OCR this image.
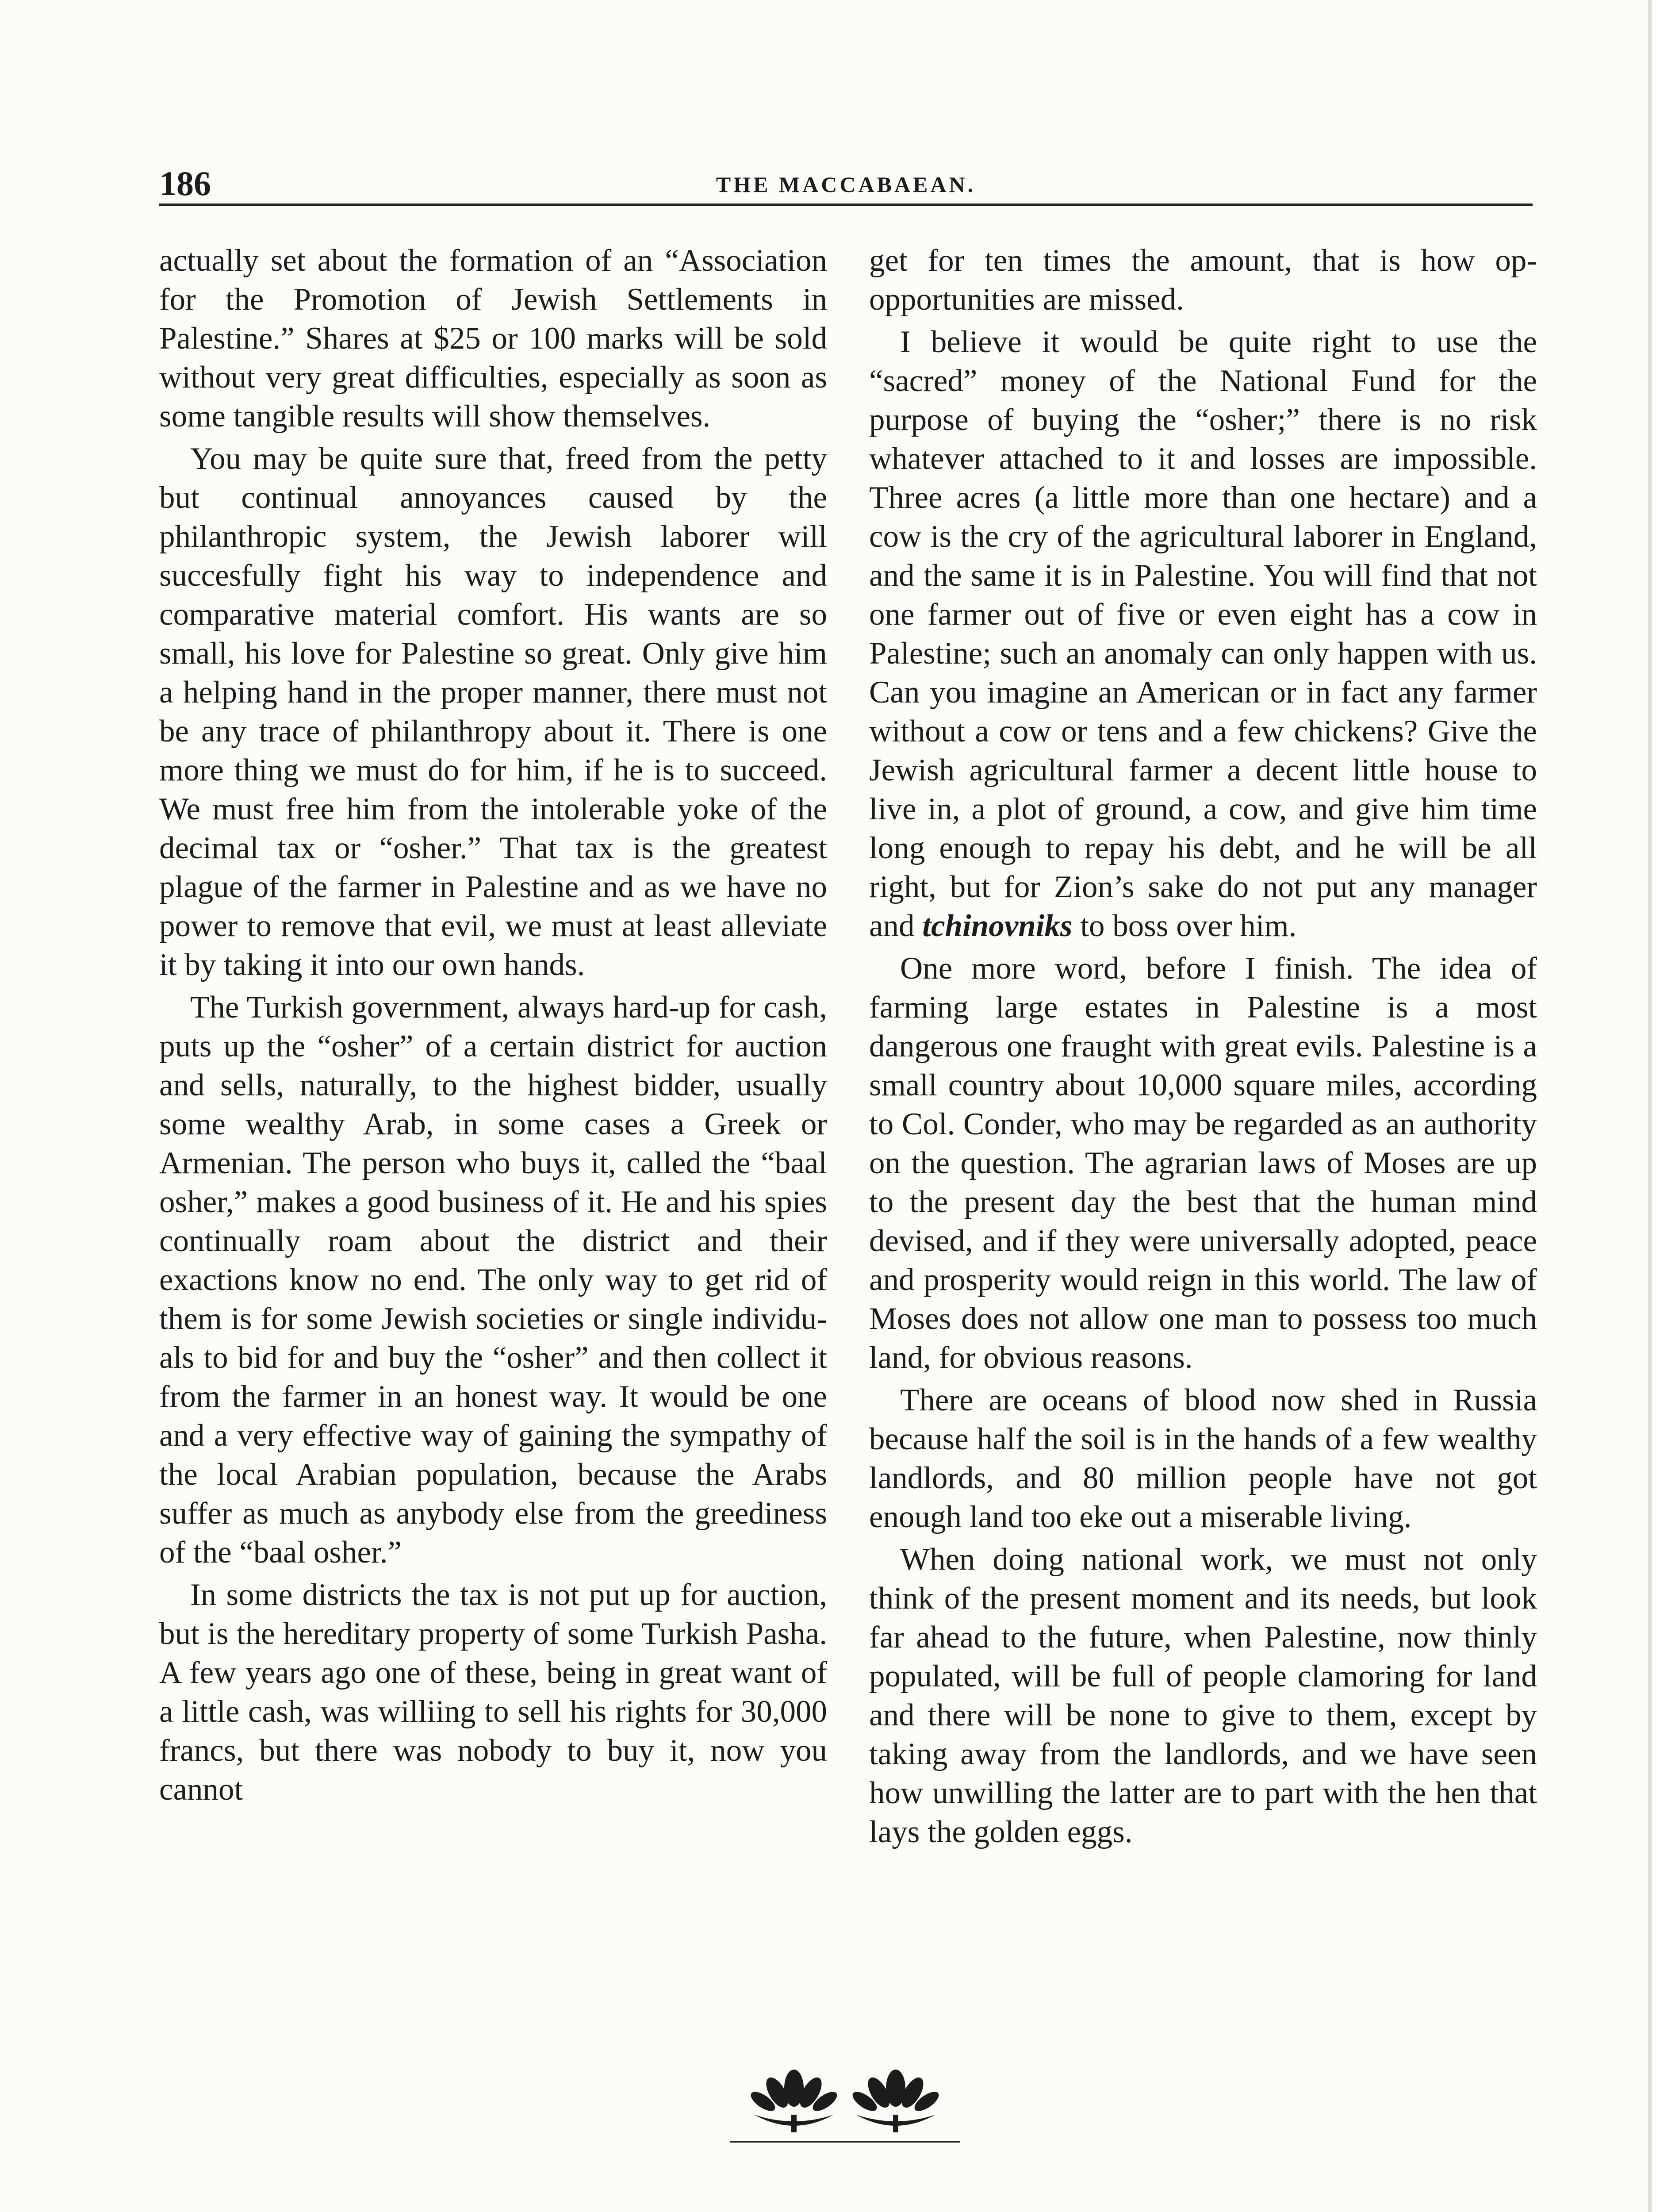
186	THE MACCABAEAN.

actually set about the formation of an “Association for the Promotion of Jewish Settlements in Palestine.” Shares at $25 or 100 marks will be sold without very great difficulties, especially as soon as some tangible results will show themselves.

You may be quite sure that, freed from the petty but continual annoyances caused by the philanthropic system, the Jewish laborer will succesfully fight his way to independence and comparative material comfort. His wants are so small, his love for Palestine so great. Only give him a helping hand in the proper manner, there must not be any trace of philanthropy about it. There is one more thing we must do for him, if he is to succeed. We must free him from the intolerable yoke of the decimal tax or “osher.” That tax is the greatest plague of the farmer in Palestine and as we have no power to remove that evil, we must at least alleviate it by taking it into our own hands.

The Turkish government, always hard-up for cash, puts up the “osher” of a certain district for auction and sells, naturally, to the highest bidder, usually some wealthy Arab, in some cases a Greek or Armenian. The person who buys it, called the “baal osher,” makes a good business of it. He and his spies continually roam about the district and their exactions know no end. The only way to get rid of them is for some Jewish societies or single individuals to bid for and buy the “osher” and then collect it from the farmer in an honest way. It would be one and a very effective way of gaining the sympathy of the local Arabian population, because the Arabs suffer as much as anybody else from the greediness of the “baal osher.”

In some districts the tax is not put up for auction, but is the hereditary property of some Turkish Pasha. A few years ago one of these, being in great want of a little cash, was williing to sell his rights for 30,000 francs, but there was nobody to buy it, now you cannot

get for ten times the amount, that is how opopportunities are missed.

I believe it would be quite right to use the “sacred” money of the National Fund for the purpose of buying the “osher;” there is no risk whatever attached to it and losses are impossible. Three acres (a little more than one hectare) and a cow is the cry of the agricultural laborer in England, and the same it is in Palestine. You will find that not one farmer out of five or even eight has a cow in Palestine; such an anomaly can only happen with us. Can you imagine an American or in fact any farmer without a cow or tens and a few chickens? Give the Jewish agricultural farmer a decent little house to live in, a plot of ground, a cow, and give him time long enough to repay his debt, and he will be all right, but for Zion’s sake do not put any manager and tchinovniks to boss over him.

One more word, before I finish. The idea of farming large estates in Palestine is a most dangerous one fraught with great evils. Palestine is a small country about 10,000 square miles, according to Col. Conder, who may be regarded as an authority on the question. The agrarian laws of Moses are up to the present day the best that the human mind devised, and if they were universally adopted, peace and prosperity would reign in this world. The law of Moses does not allow one man to possess too much land, for obvious reasons.

There are oceans of blood now shed in Russia because half the soil is in the hands of a few wealthy landlords, and 80 million people have not got enough land too eke out a miserable living.

When doing national work, we must not only think of the present moment and its needs, but look far ahead to the future, when Palestine, now thinly populated, will be full of people clamoring for land and there will be none to give to them, except by taking away from the landlords, and we have seen how unwilling the latter are to part with the hen that lays the golden eggs.
